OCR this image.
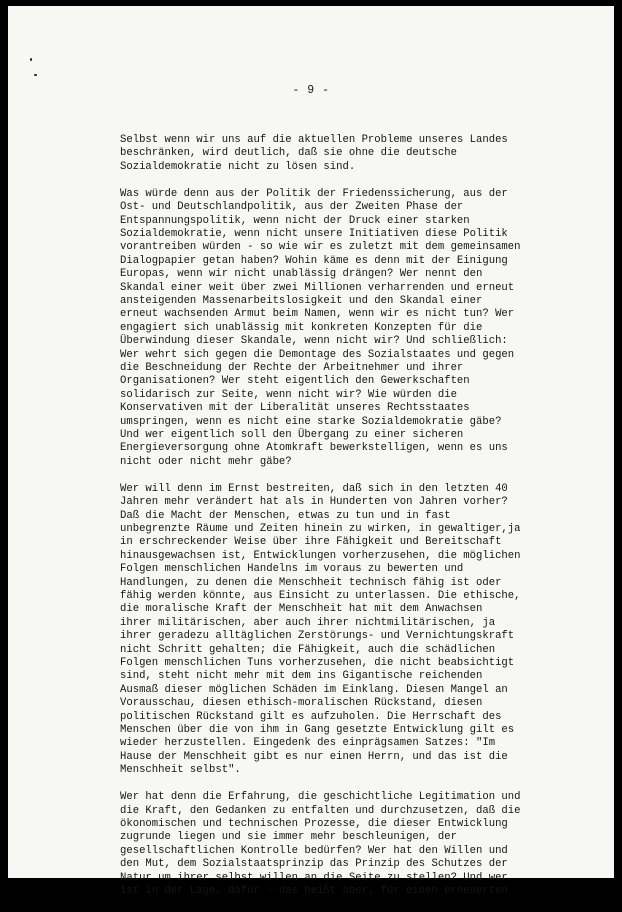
- 9 -
Selbst wenn wir uns auf die aktuellen Probleme unseres Landes
beschränken, wird deutlich, daß sie ohne die deutsche
Sozialdemokratie nicht zu lösen sind.
Was würde denn aus der Politik der Friedenssicherung, aus der
Ost- und Deutschlandpolitik, aus der Zweiten Phase der
Entspannungspolitik, wenn nicht der Druck einer starken
Sozialdemokratie, wenn nicht unsere Initiativen diese Politik
vorantreiben würden - so wie wir es zuletzt mit dem gemeinsamen
Dialogpapier getan haben? Wohin käme es denn mit der Einigung
Europas, wenn wir nicht unablässig drängen? Wer nennt den
Skandal einer weit über zwei Millionen verharrenden und erneut
ansteigenden Massenarbeitslosigkeit und den Skandal einer
erneut wachsenden Armut beim Namen, wenn wir es nicht tun? Wer
engagiert sich unablässig mit konkreten Konzepten für die
Überwindung dieser Skandale, wenn nicht wir? Und schließlich:
Wer wehrt sich gegen die Demontage des Sozialstaates und gegen
die Beschneidung der Rechte der Arbeitnehmer und ihrer
Organisationen? Wer steht eigentlich den Gewerkschaften
solidarisch zur Seite, wenn nicht wir? Wie würden die
Konservativen mit der Liberalität unseres Rechtsstaates
umspringen, wenn es nicht eine starke Sozialdemokratie gäbe?
Und wer eigentlich soll den Übergang zu einer sicheren
Energieversorgung ohne Atomkraft bewerkstelligen, wenn es uns
nicht oder nicht mehr gäbe?
Wer will denn im Ernst bestreiten, daß sich in den letzten 40
Jahren mehr verändert hat als in Hunderten von Jahren vorher?
Daß die Macht der Menschen, etwas zu tun und in fast
unbegrenzte Räume und Zeiten hinein zu wirken, in gewaltiger,ja
in erschreckender Weise über ihre Fähigkeit und Bereitschaft
hinausgewachsen ist, Entwicklungen vorherzusehen, die möglichen
Folgen menschlichen Handelns im voraus zu bewerten und
Handlungen, zu denen die Menschheit technisch fähig ist oder
fähig werden könnte, aus Einsicht zu unterlassen. Die ethische,
die moralische Kraft der Menschheit hat mit dem Anwachsen
ihrer militärischen, aber auch ihrer nichtmilitärischen, ja
ihrer geradezu alltäglichen Zerstörungs- und Vernichtungskraft
nicht Schritt gehalten; die Fähigkeit, auch die schädlichen
Folgen menschlichen Tuns vorherzusehen, die nicht beabsichtigt
sind, steht nicht mehr mit dem ins Gigantische reichenden
Ausmaß dieser möglichen Schäden im Einklang. Diesen Mangel an
Vorausschau, diesen ethisch-moralischen Rückstand, diesen
politischen Rückstand gilt es aufzuholen. Die Herrschaft des
Menschen über die von ihm in Gang gesetzte Entwicklung gilt es
wieder herzustellen. Eingedenk des einprägsamen Satzes: "Im
Hause der Menschheit gibt es nur einen Herrn, und das ist die
Menschheit selbst".
Wer hat denn die Erfahrung, die geschichtliche Legitimation und
die Kraft, den Gedanken zu entfalten und durchzusetzen, daß die
ökonomischen und technischen Prozesse, die dieser Entwicklung
zugrunde liegen und sie immer mehr beschleunigen, der
gesellschaftlichen Kontrolle bedürfen? Wer hat den Willen und
den Mut, dem Sozialstaatsprinzip das Prinzip des Schutzes der
Natur um ihrer selbst willen an die Seite zu stellen? Und wer
ist in der Lage, dafür - das heißt aber, für einen erneuerten
